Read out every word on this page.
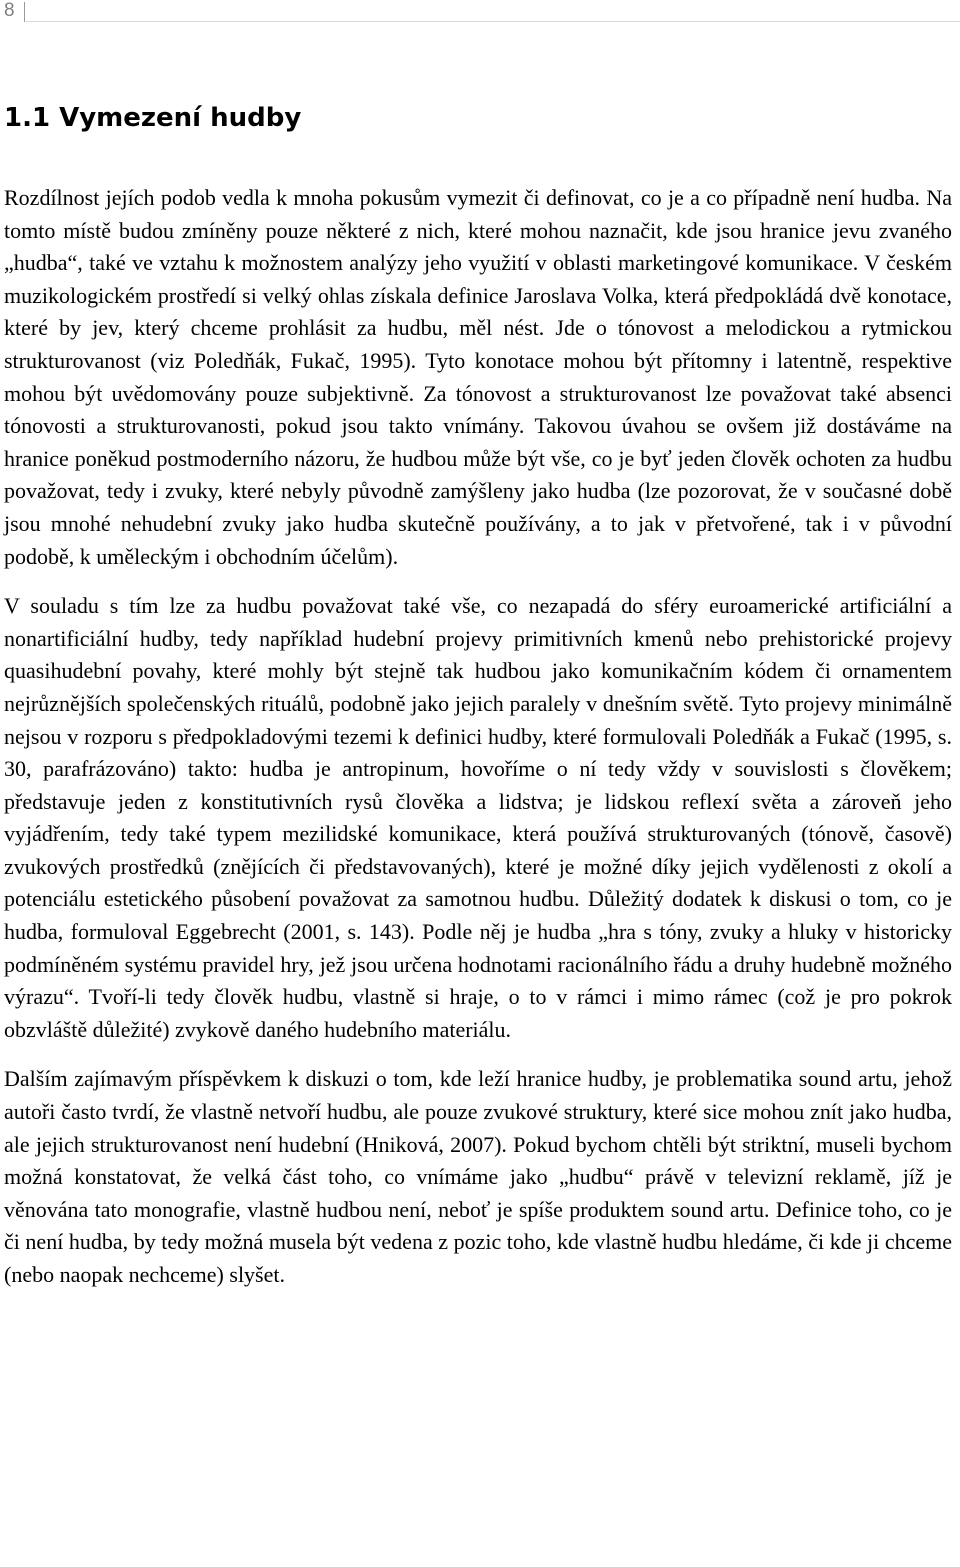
8
1.1 Vymezení hudby

Rozdílnost jejích podob vedla k mnoha pokusům vymezit či definovat, co je a co případně není hudba. Na tomto místě budou zmíněny pouze některé z nich, které mohou naznačit, kde jsou hranice jevu zvaného „hudba“, také ve vztahu k možnostem analýzy jeho využití v oblasti marketingové komunikace. V českém muzikologickém prostředí si velký ohlas získala definice Jaroslava Volka, která předpokládá dvě konotace, které by jev, který chceme prohlásit za hudbu, měl nést. Jde o tónovost a melodickou a rytmickou strukturovanost (viz Poledňák, Fukač, 1995). Tyto konotace mohou být přítomny i latentně, respektive mohou být uvědomovány pouze subjektivně. Za tónovost a strukturovanost lze považovat také absenci tónovosti a strukturovanosti, pokud jsou takto vnímány. Takovou úvahou se ovšem již dostáváme na hranice poněkud postmoderního názoru, že hudbou může být vše, co je byť jeden člověk ochoten za hudbu považovat, tedy i zvuky, které nebyly původně zamýšleny jako hudba (lze pozorovat, že v současné době jsou mnohé nehudební zvuky jako hudba skutečně používány, a to jak v přetvořené, tak i v původní podobě, k uměleckým i obchodním účelům).

V souladu s tím lze za hudbu považovat také vše, co nezapadá do sféry euroamerické artificiální a nonartificiální hudby, tedy například hudební projevy primitivních kmenů nebo prehistorické projevy quasihudební povahy, které mohly být stejně tak hudbou jako komunikačním kódem či ornamentem nejrůznějších společenských rituálů, podobně jako jejich paralely v dnešním světě. Tyto projevy minimálně nejsou v rozporu s předpokladovými tezemi k definici hudby, které formulovali Poledňák a Fukač (1995, s. 30, parafrázováno) takto: hudba je antropinum, hovoříme o ní tedy vždy v souvislosti s člověkem; představuje jeden z konstitutivních rysů člověka a lidstva; je lidskou reflexí světa a zároveň jeho vyjádřením, tedy také typem mezilidské komunikace, která používá strukturovaných (tónově, časově) zvukových prostředků (znějících či představovaných), které je možné díky jejich vydělenosti z okolí a potenciálu estetického působení považovat za samotnou hudbu. Důležitý dodatek k diskusi o tom, co je hudba, formuloval Eggebrecht (2001, s. 143). Podle něj je hudba „hra s tóny, zvuky a hluky v historicky podmíněném systému pravidel hry, jež jsou určena hodnotami racionálního řádu a druhy hudebně možného výrazu“. Tvoří-li tedy člověk hudbu, vlastně si hraje, o to v rámci i mimo rámec (což je pro pokrok obzvláště důležité) zvykově daného hudebního materiálu.

Dalším zajímavým příspěvkem k diskuzi o tom, kde leží hranice hudby, je problematika sound artu, jehož autoři často tvrdí, že vlastně netvoří hudbu, ale pouze zvukové struktury, které sice mohou znít jako hudba, ale jejich strukturovanost není hudební (Hniková, 2007). Pokud bychom chtěli být striktní, museli bychom možná konstatovat, že velká část toho, co vnímáme jako „hudbu“ právě v televizní reklamě, jíž je věnována tato monografie, vlastně hudbou není, neboť je spíše produktem sound artu. Definice toho, co je či není hudba, by tedy možná musela být vedena z pozic toho, kde vlastně hudbu hledáme, či kde ji chceme (nebo naopak nechceme) slyšet.
